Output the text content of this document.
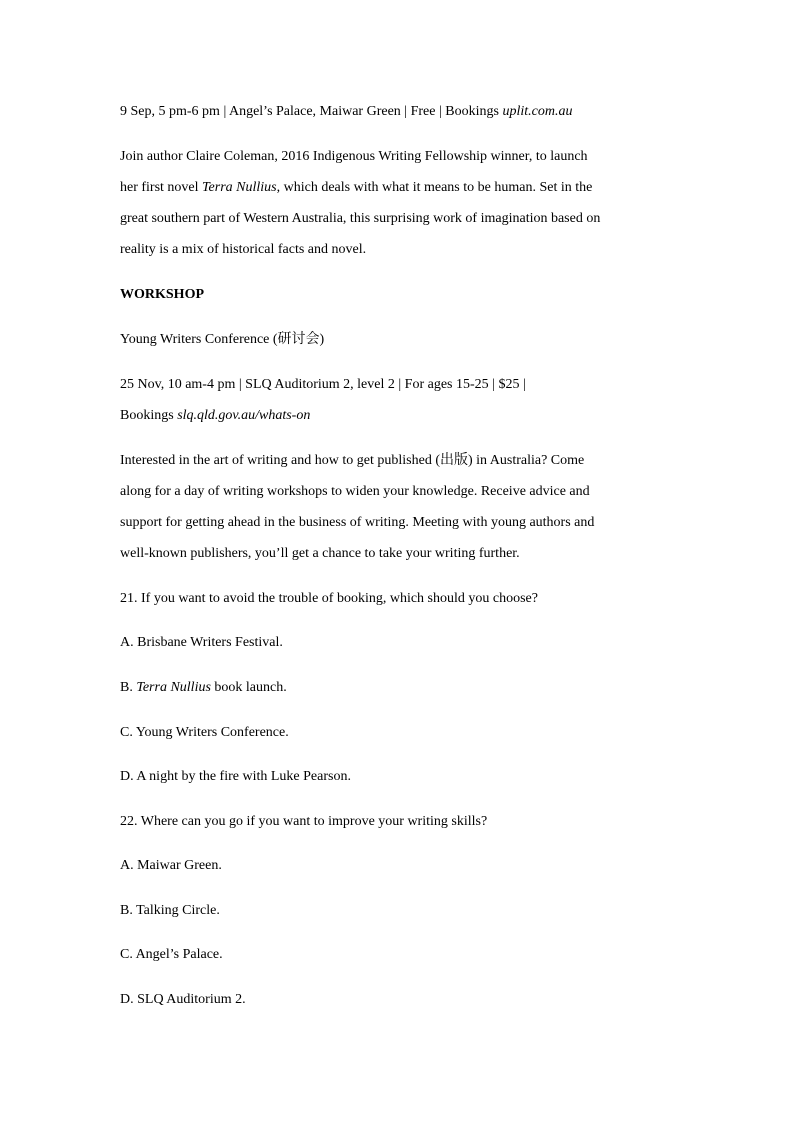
9 Sep, 5 pm-6 pm | Angel’s Palace, Maiwar Green | Free | Bookings uplit.com.au
Join author Claire Coleman, 2016 Indigenous Writing Fellowship winner, to launch
her first novel Terra Nullius, which deals with what it means to be human. Set in the
great southern part of Western Australia, this surprising work of imagination based on
reality is a mix of historical facts and novel.
WORKSHOP
Young Writers Conference (研讨会)
25 Nov, 10 am-4 pm | SLQ Auditorium 2, level 2 | For ages 15-25 | $25 |
Bookings slq.qld.gov.au/whats-on
Interested in the art of writing and how to get published (出版) in Australia? Come
along for a day of writing workshops to widen your knowledge. Receive advice and
support for getting ahead in the business of writing. Meeting with young authors and
well-known publishers, you’ll get a chance to take your writing further.
21. If you want to avoid the trouble of booking, which should you choose?
A. Brisbane Writers Festival.
B. Terra Nullius book launch.
C. Young Writers Conference.
D. A night by the fire with Luke Pearson.
22. Where can you go if you want to improve your writing skills?
A. Maiwar Green.
B. Talking Circle.
C. Angel’s Palace.
D. SLQ Auditorium 2.
